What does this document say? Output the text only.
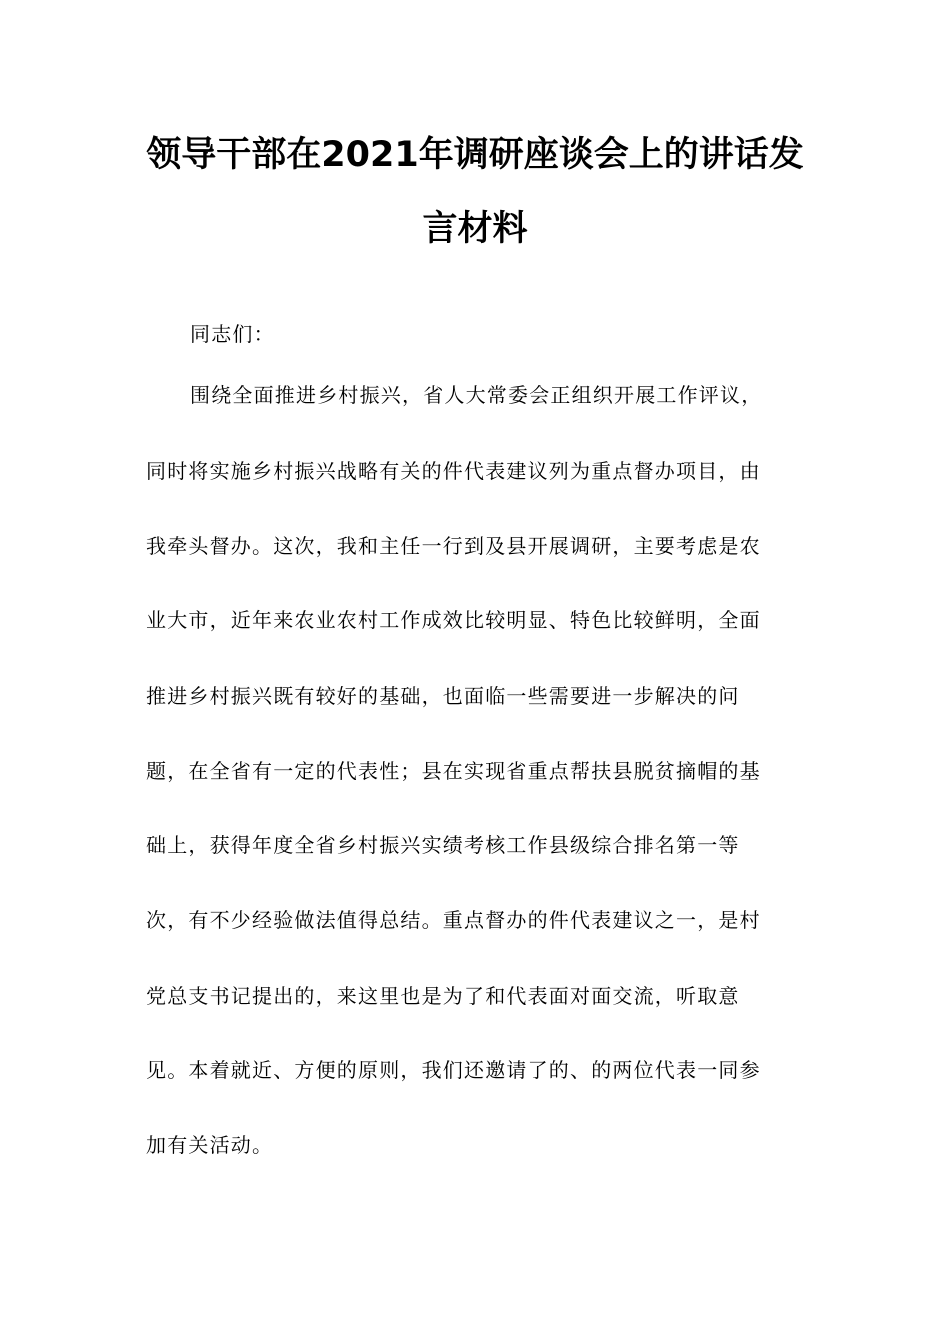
领导干部在2021年调研座谈会上的讲话发
言材料
同志们：
围绕全面推进乡村振兴，省人大常委会正组织开展工作评议，
同时将实施乡村振兴战略有关的件代表建议列为重点督办项目，由
我牵头督办。这次，我和主任一行到及县开展调研，主要考虑是农
业大市，近年来农业农村工作成效比较明显、特色比较鲜明，全面
推进乡村振兴既有较好的基础，也面临一些需要进一步解决的问
题，在全省有一定的代表性；县在实现省重点帮扶县脱贫摘帽的基
础上，获得年度全省乡村振兴实绩考核工作县级综合排名第一等
次，有不少经验做法值得总结。重点督办的件代表建议之一，是村
党总支书记提出的，来这里也是为了和代表面对面交流，听取意
见。本着就近、方便的原则，我们还邀请了的、的两位代表一同参
加有关活动。
